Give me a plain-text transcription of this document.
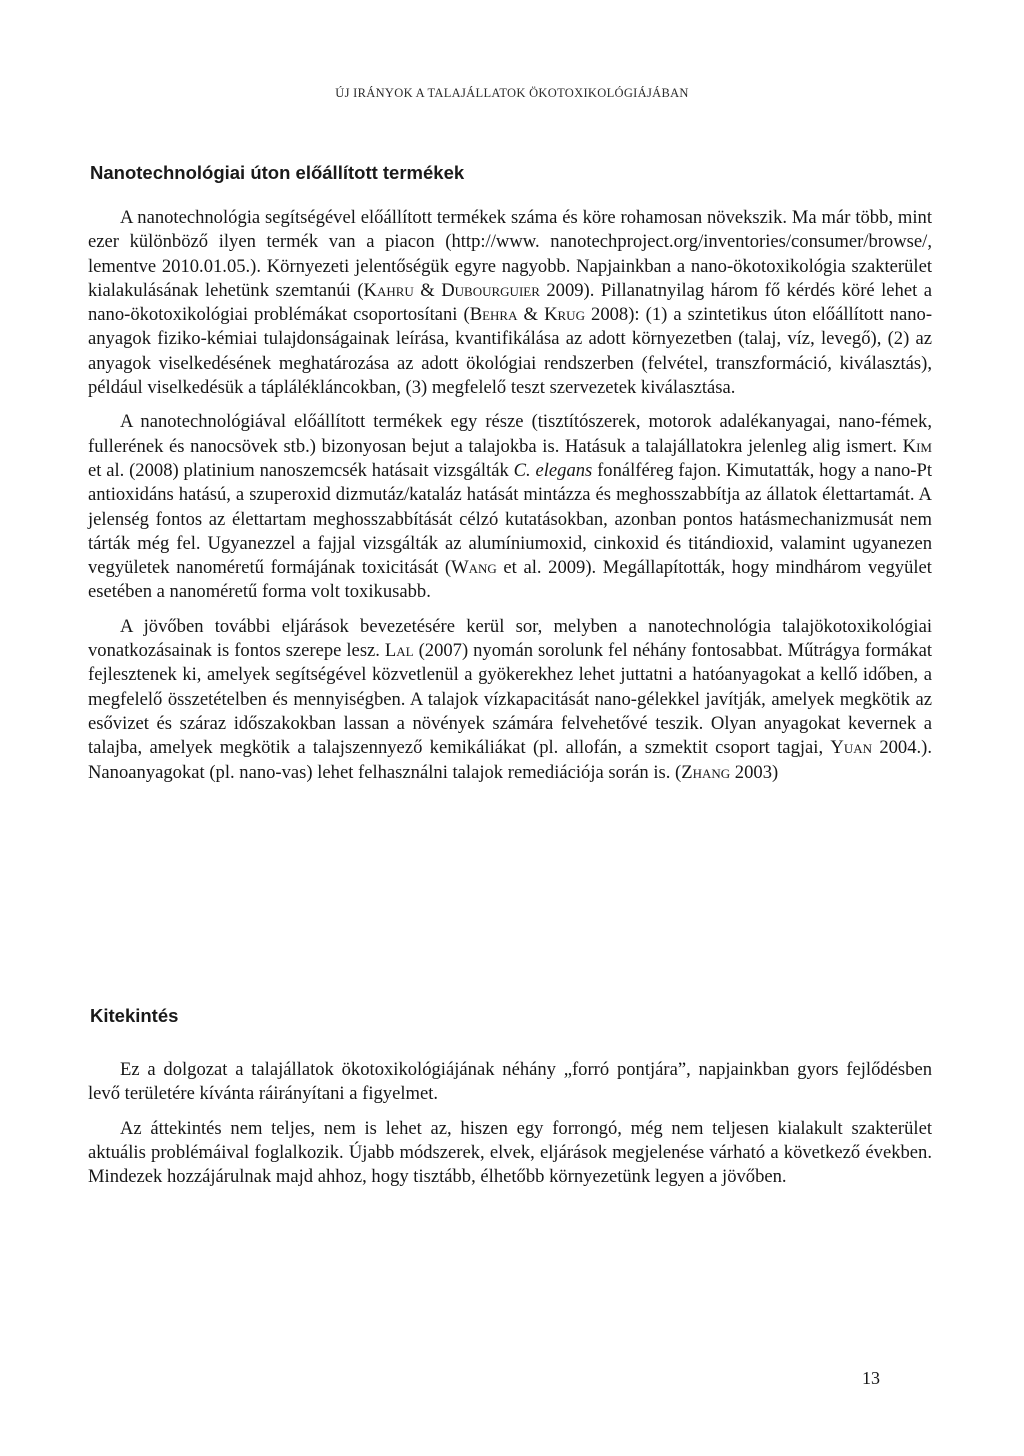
ÚJ IRÁNYOK A TALAJÁLLATOK ÖKOTOXIKOLÓGIÁJÁBAN
Nanotechnológiai úton előállított termékek

A nanotechnológia segítségével előállított termékek száma és köre rohamosan növekszik. Ma már több, mint ezer különböző ilyen termék van a piacon (http://www. nanotechproject.org/inventories/consumer/browse/, lementve 2010.01.05.). Környezeti jelentőségük egyre nagyobb. Napjainkban a nano-ökotoxikológia szakterület kialakulásának lehetünk szemtanúi (Kahru & Dubourguier 2009). Pillanatnyilag három fő kérdés köré lehet a nano-ökotoxikológiai problémákat csoportosítani (Behra & Krug 2008): (1) a szintetikus úton előállított nano-anyagok fiziko-kémiai tulajdonságainak leírása, kvantifikálása az adott környezetben (talaj, víz, levegő), (2) az anyagok viselkedésének meghatározása az adott ökológiai rendszerben (felvétel, transzformáció, kiválasztás), például viselkedésük a táplálékláncokban, (3) megfelelő teszt szervezetek kiválasztása.

A nanotechnológiával előállított termékek egy része (tisztítószerek, motorok adalékanyagai, nano-fémek, fullerének és nanocsövek stb.) bizonyosan bejut a talajokba is. Hatásuk a talajállatokra jelenleg alig ismert. Kim et al. (2008) platinium nanoszemcsék hatásait vizsgálták C. elegans fonálféreg fajon. Kimutatták, hogy a nano-Pt antioxidáns hatású, a szuperoxid dizmutáz/kataláz hatását mintázza és meghosszabbítja az állatok élettartamát. A jelenség fontos az élettartam meghosszabbítását célzó kutatásokban, azonban pontos hatásmechanizmusát nem tárták még fel. Ugyanezzel a fajjal vizsgálták az alumíniumoxid, cinkoxid és titándioxid, valamint ugyanezen vegyületek nanoméretű formájának toxicitását (Wang et al. 2009). Megállapították, hogy mindhárom vegyület esetében a nanoméretű forma volt toxikusabb.

A jövőben további eljárások bevezetésére kerül sor, melyben a nanotechnológia talajökotoxikológiai vonatkozásainak is fontos szerepe lesz. Lal (2007) nyomán sorolunk fel néhány fontosabbat. Műtrágya formákat fejlesztenek ki, amelyek segítségével közvetlenül a gyökerekhez lehet juttatni a hatóanyagokat a kellő időben, a megfelelő összetételben és mennyiségben. A talajok vízkapacitását nano-gélekkel javítják, amelyek megkötik az esővizet és száraz időszakokban lassan a növények számára felvehetővé teszik. Olyan anyagokat kevernek a talajba, amelyek megkötik a talajszennyező kemikáliákat (pl. allofán, a szmektit csoport tagjai, Yuan 2004.). Nanoanyagokat (pl. nano-vas) lehet felhasználni talajok remediációja során is. (Zhang 2003)

Kitekintés

Ez a dolgozat a talajállatok ökotoxikológiájának néhány „forró pontjára”, napjainkban gyors fejlődésben levő területére kívánta ráirányítani a figyelmet.

Az áttekintés nem teljes, nem is lehet az, hiszen egy forrongó, még nem teljesen kialakult szakterület aktuális problémáival foglalkozik. Újabb módszerek, elvek, eljárások megjelenése várható a következő években. Mindezek hozzájárulnak majd ahhoz, hogy tisztább, élhetőbb környezetünk legyen a jövőben.

13
